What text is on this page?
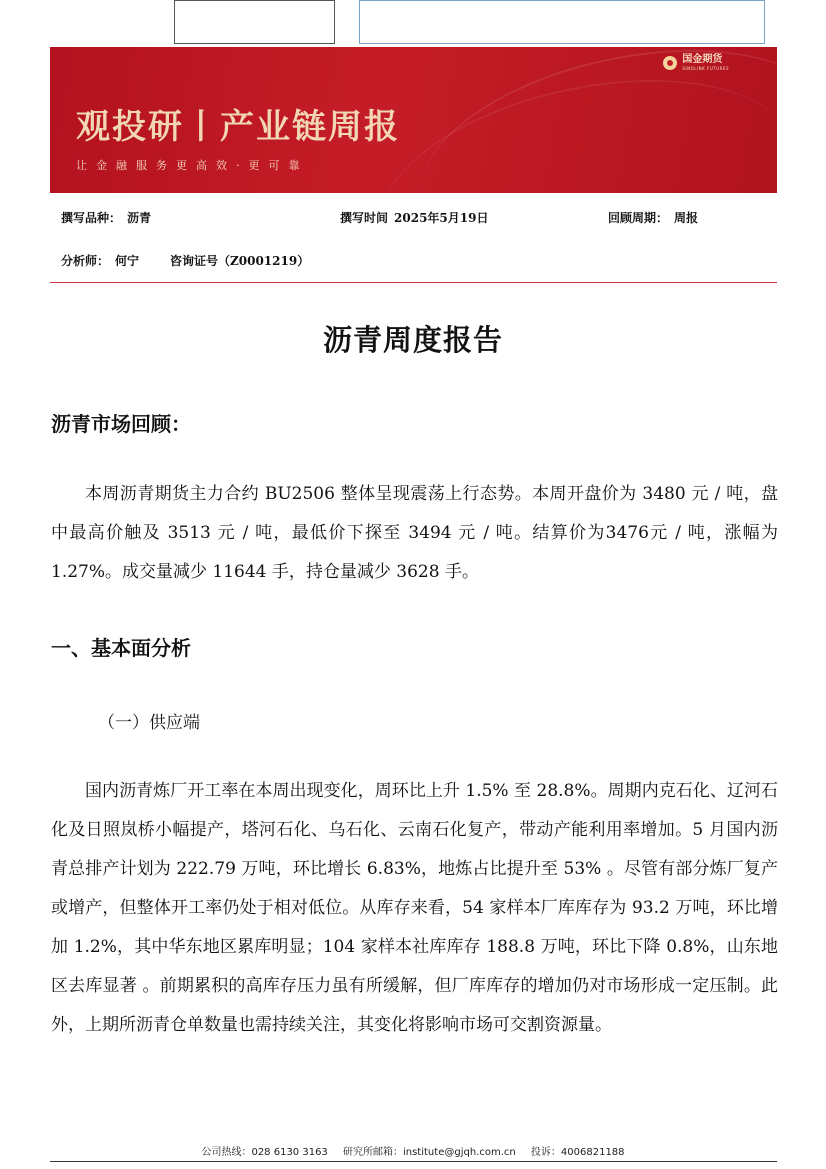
国金期货
SINOLINK FUTURES
观投研丨产业链周报
让金融服务更高效·更可靠
撰写品种： 沥青	撰写时间 2025年5月19日	回顾周期： 周报
分析师： 何宁	咨询证号（Z0001219）
沥青周度报告
沥青市场回顾：

本周沥青期货主力合约 BU2506 整体呈现震荡上行态势。本周开盘价为 3480 元 / 吨，盘中最高价触及 3513 元 / 吨，最低价下探至 3494 元 / 吨。结算价为3476元 / 吨，涨幅为 1.27%。成交量减少 11644 手，持仓量减少 3628 手。

一、基本面分析
（一）供应端

国内沥青炼厂开工率在本周出现变化，周环比上升 1.5% 至 28.8%。周期内克石化、辽河石化及日照岚桥小幅提产，塔河石化、乌石化、云南石化复产，带动产能利用率增加。5 月国内沥青总排产计划为 222.79 万吨，环比增长 6.83%，地炼占比提升至 53% 。尽管有部分炼厂复产或增产，但整体开工率仍处于相对低位。从库存来看，54 家样本厂库库存为 93.2 万吨，环比增加 1.2%，其中华东地区累库明显；104 家样本社库库存 188.8 万吨，环比下降 0.8%，山东地区去库显著 。前期累积的高库存压力虽有所缓解，但厂库库存的增加仍对市场形成一定压制。此外，上期所沥青仓单数量也需持续关注，其变化将影响市场可交割资源量。

公司热线：028 6130 3163 研究所邮箱：institute@gjqh.com.cn 投诉：4006821188
